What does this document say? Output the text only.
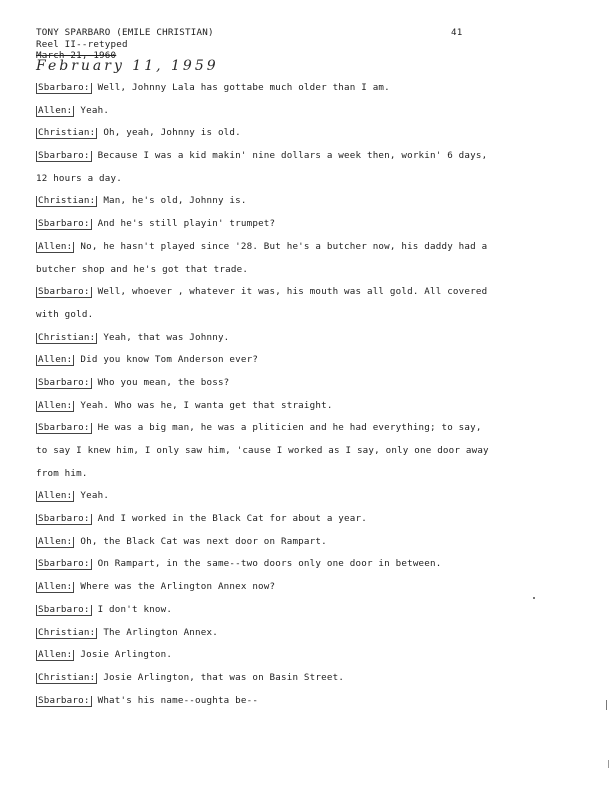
TONY SPARBARO (EMILE CHRISTIAN)	41
Reel II--retyped
March 21, 1960
February 11, 1959
Sbarbaro: Well, Johnny Lala has gottabe much older than I am.
Allen: Yeah.
Christian: Oh, yeah, Johnny is old.
Sbarbaro: Because I was a kid makin' nine dollars a week then, workin' 6 days,
12 hours a day.
Christian: Man, he's old, Johnny is.
Sbarbaro: And he's still playin' trumpet?
Allen: No, he hasn't played since '28. But he's a butcher now, his daddy had a
butcher shop and he's got that trade.
Sbarbaro: Well, whoever , whatever it was, his mouth was all gold. All covered
with gold.
Christian: Yeah, that was Johnny.
Allen: Did you know Tom Anderson ever?
Sbarbaro: Who you mean, the boss?
Allen: Yeah. Who was he, I wanta get that straight.
Sbarbaro: He was a big man, he was a pliticien and he had everything; to say,
to say I knew him, I only saw him, 'cause I worked as I say, only one door away
from him.
Allen: Yeah.
Sbarbaro: And I worked in the Black Cat for about a year.
Allen: Oh, the Black Cat was next door on Rampart.
Sbarbaro: On Rampart, in the same--two doors only one door in between.
Allen: Where was the Arlington Annex now?
Sbarbaro: I don't know.
Christian: The Arlington Annex.
Allen: Josie Arlington.
Christian: Josie Arlington, that was on Basin Street.
Sbarbaro: What's his name--oughta be--
